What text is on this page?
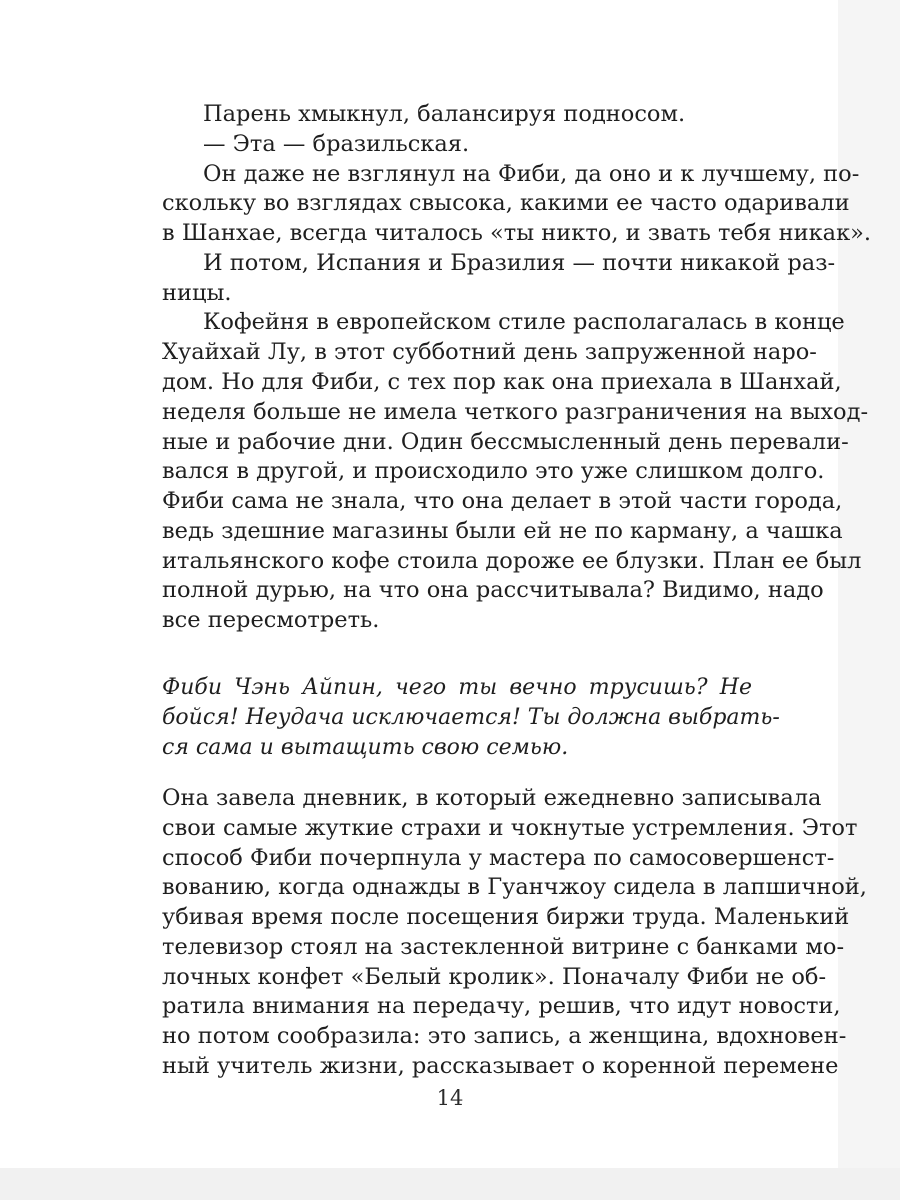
Парень хмыкнул, балансируя подносом.
— Эта — бразильская.
Он даже не взглянул на Фиби, да оно и к лучшему, по-
скольку во взглядах свысока, какими ее часто одаривали
в Шанхае, всегда читалось «ты никто, и звать тебя никак».
И потом, Испания и Бразилия — почти никакой раз-
ницы.
Кофейня в европейском стиле располагалась в конце
Хуайхай Лу, в этот субботний день запруженной наро-
дом. Но для Фиби, с тех пор как она приехала в Шанхай,
неделя больше не имела четкого разграничения на выход-
ные и рабочие дни. Один бессмысленный день перевали-
вался в другой, и происходило это уже слишком долго.
Фиби сама не знала, что она делает в этой части города,
ведь здешние магазины были ей не по карману, а чашка
итальянского кофе стоила дороже ее блузки. План ее был
полной дурью, на что она рассчитывала? Видимо, надо
все пересмотреть.
Фиби Чэнь Айпин, чего ты вечно трусишь? Не
бойся! Неудача исключается! Ты должна выбрать-
ся сама и вытащить свою семью.
Она завела дневник, в который ежедневно записывала
свои самые жуткие страхи и чокнутые устремления. Этот
способ Фиби почерпнула у мастера по самосовершенст-
вованию, когда однажды в Гуанчжоу сидела в лапшичной,
убивая время после посещения биржи труда. Маленький
телевизор стоял на застекленной витрине с банками мо-
лочных конфет «Белый кролик». Поначалу Фиби не об-
ратила внимания на передачу, решив, что идут новости,
но потом сообразила: это запись, а женщина, вдохновен-
ный учитель жизни, рассказывает о коренной перемене
14
